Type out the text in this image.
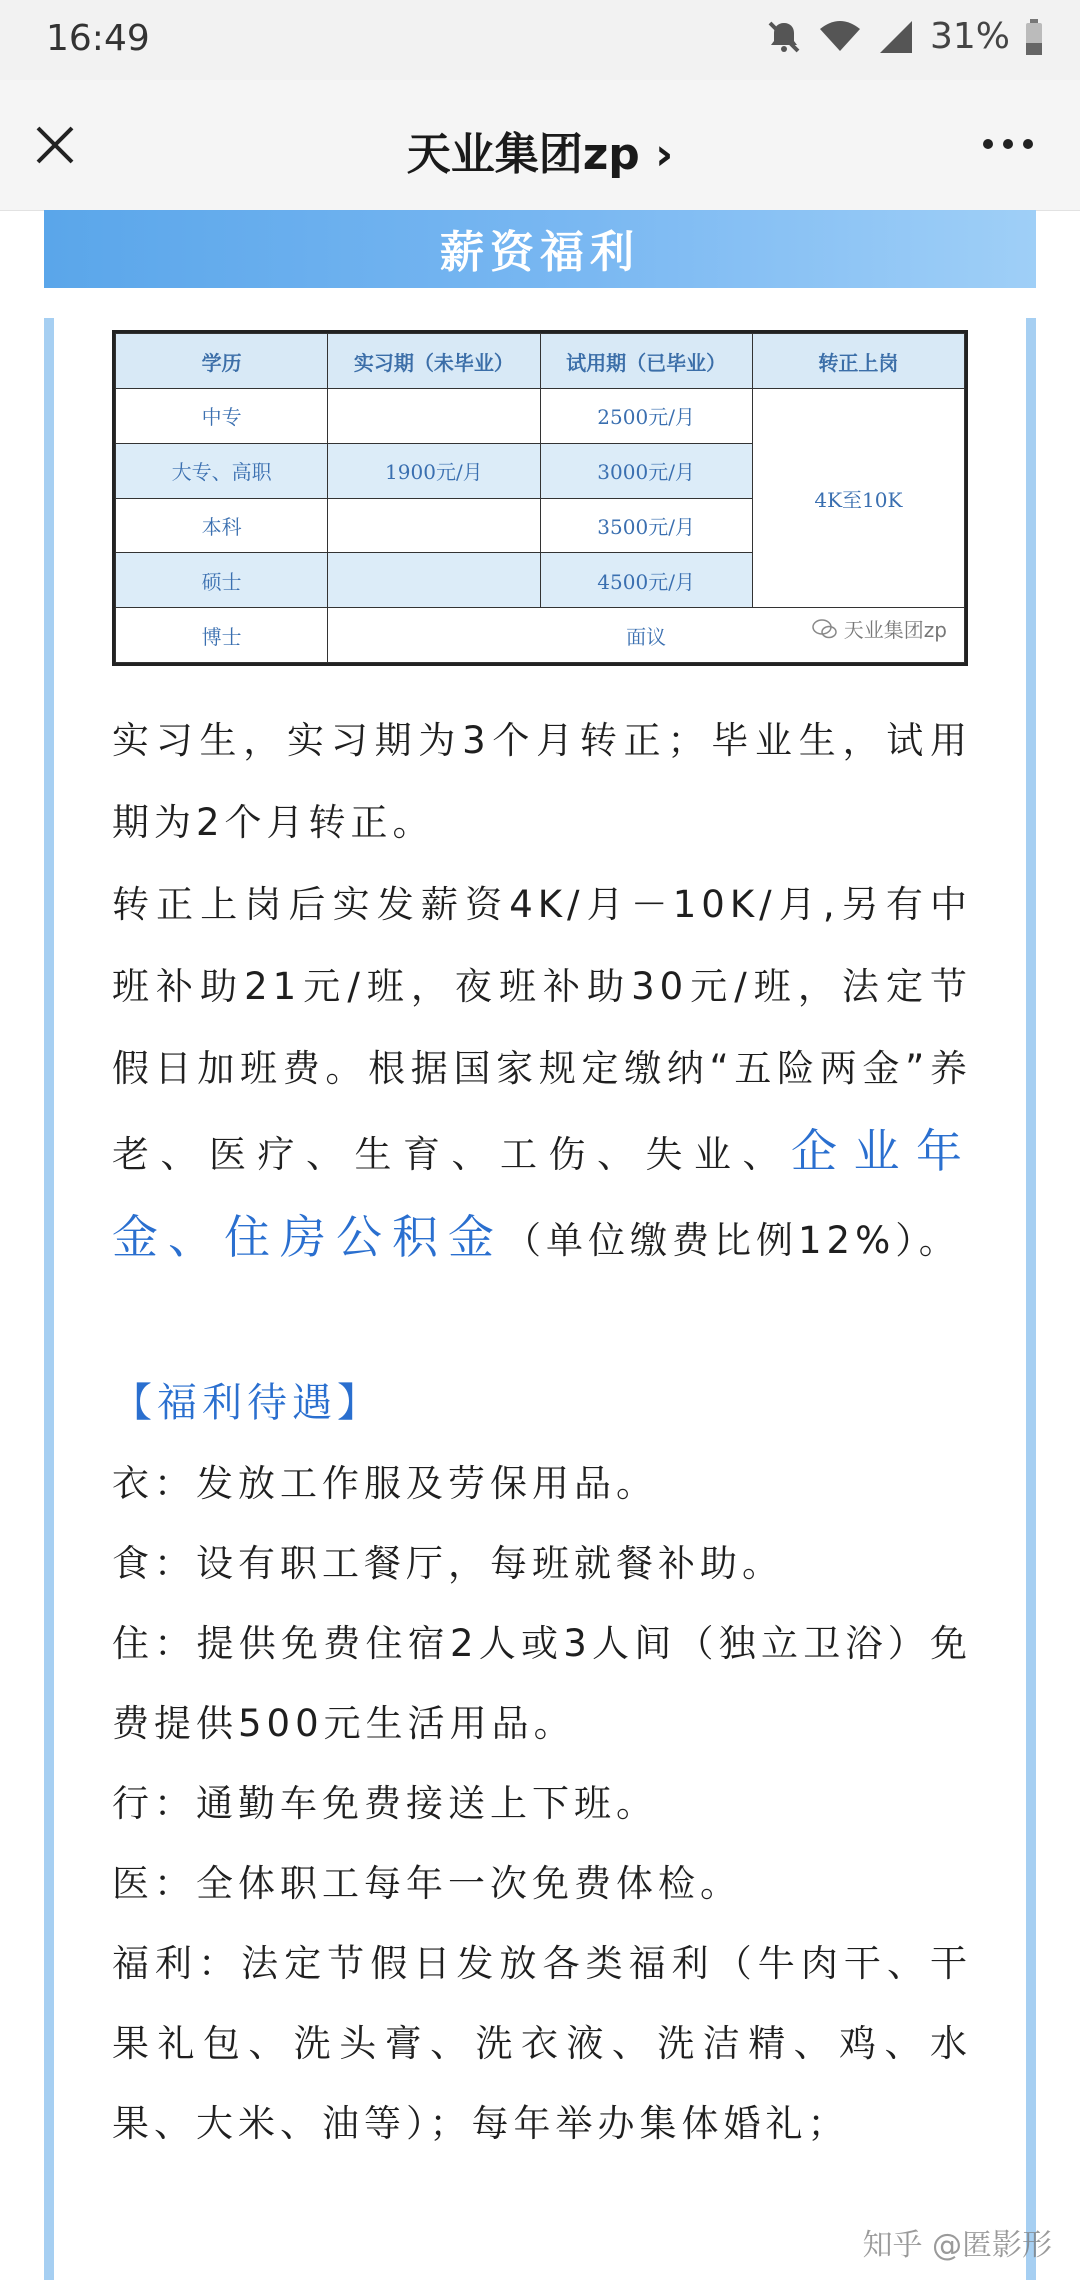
16:49	31%
天业集团zp ›
薪资福利
学历	实习期（未毕业）	试用期（已毕业）	转正上岗
中专		2500元/月	4K至10K
大专、高职	1900元/月	3000元/月	
本科		3500元/月	
硕士		4500元/月	
博士	面议			天业集团zp

实习生，实习期为3个月转正；毕业生，试用期为2个月转正。

转正上岗后实发薪资4K/月－10K/月,另有中班补助21元/班，夜班补助30元/班，法定节假日加班费。根据国家规定缴纳“五险两金”养老、医疗、生育、工伤、失业、企业年金、住房公积金（单位缴费比例12%）。

【福利待遇】

衣：发放工作服及劳保用品。

食：设有职工餐厅，每班就餐补助。

住：提供免费住宿2人或3人间（独立卫浴）免费提供500元生活用品。

行：通勤车免费接送上下班。

医：全体职工每年一次免费体检。

福利：法定节假日发放各类福利（牛肉干、干果礼包、洗头膏、洗衣液、洗洁精、鸡、水果、大米、油等）；每年举办集体婚礼；

知乎 @匿影形
